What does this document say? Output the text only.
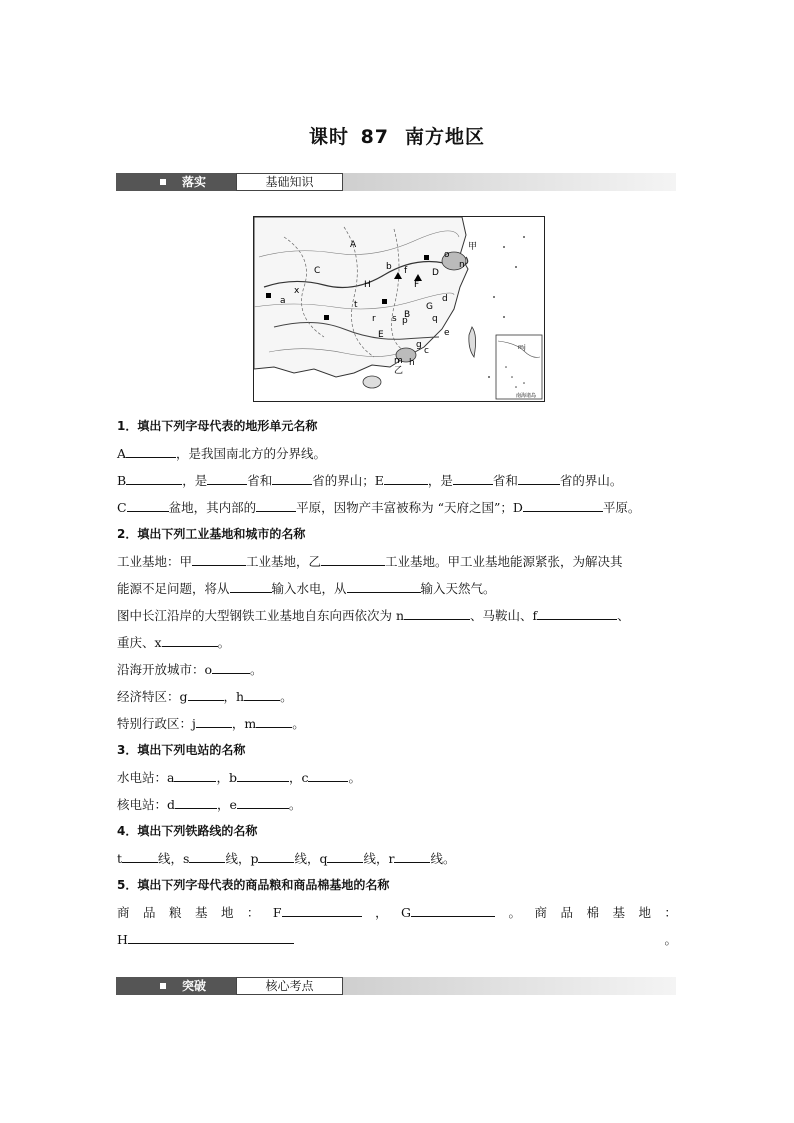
课时 87 南方地区
落实	基础知识
甲
A
B
C	D
E
F
G
H
a
b
c
d
e
f
g
h
m
n
o
p	q
r s
t
x
乙
m j
南海诸岛

1．填出下列字母代表的地形单元名称

A	，是我国南北方的分界线。

B	，是	省和	省的界山；E	，是	省和	省的界山。

C	盆地，其内部的	平原，因物产丰富被称为 “天府之国”；D	平原。

2．填出下列工业基地和城市的名称

工业基地：甲	工业基地，乙	工业基地。甲工业基地能源紧张，为解决其

能源不足问题，将从	输入水电，从	输入天然气。

图中长江沿岸的大型钢铁工业基地自东向西依次为 n	、马鞍山、f	、

重庆、x	。

沿海开放城市：o	。

经济特区：g	，h	。

特别行政区：j	，m	。

3．填出下列电站的名称

水电站：a	，b	，c	。

核电站：d	，e	。

4．填出下列铁路线的名称

t	线，s	线，p	线，q	线，r	线。

5．填出下列字母代表的商品粮和商品棉基地的名称

商 品 粮 基 地 ： F	， G	。 商 品 棉 基 地 ：

H	。

突破	核心考点
